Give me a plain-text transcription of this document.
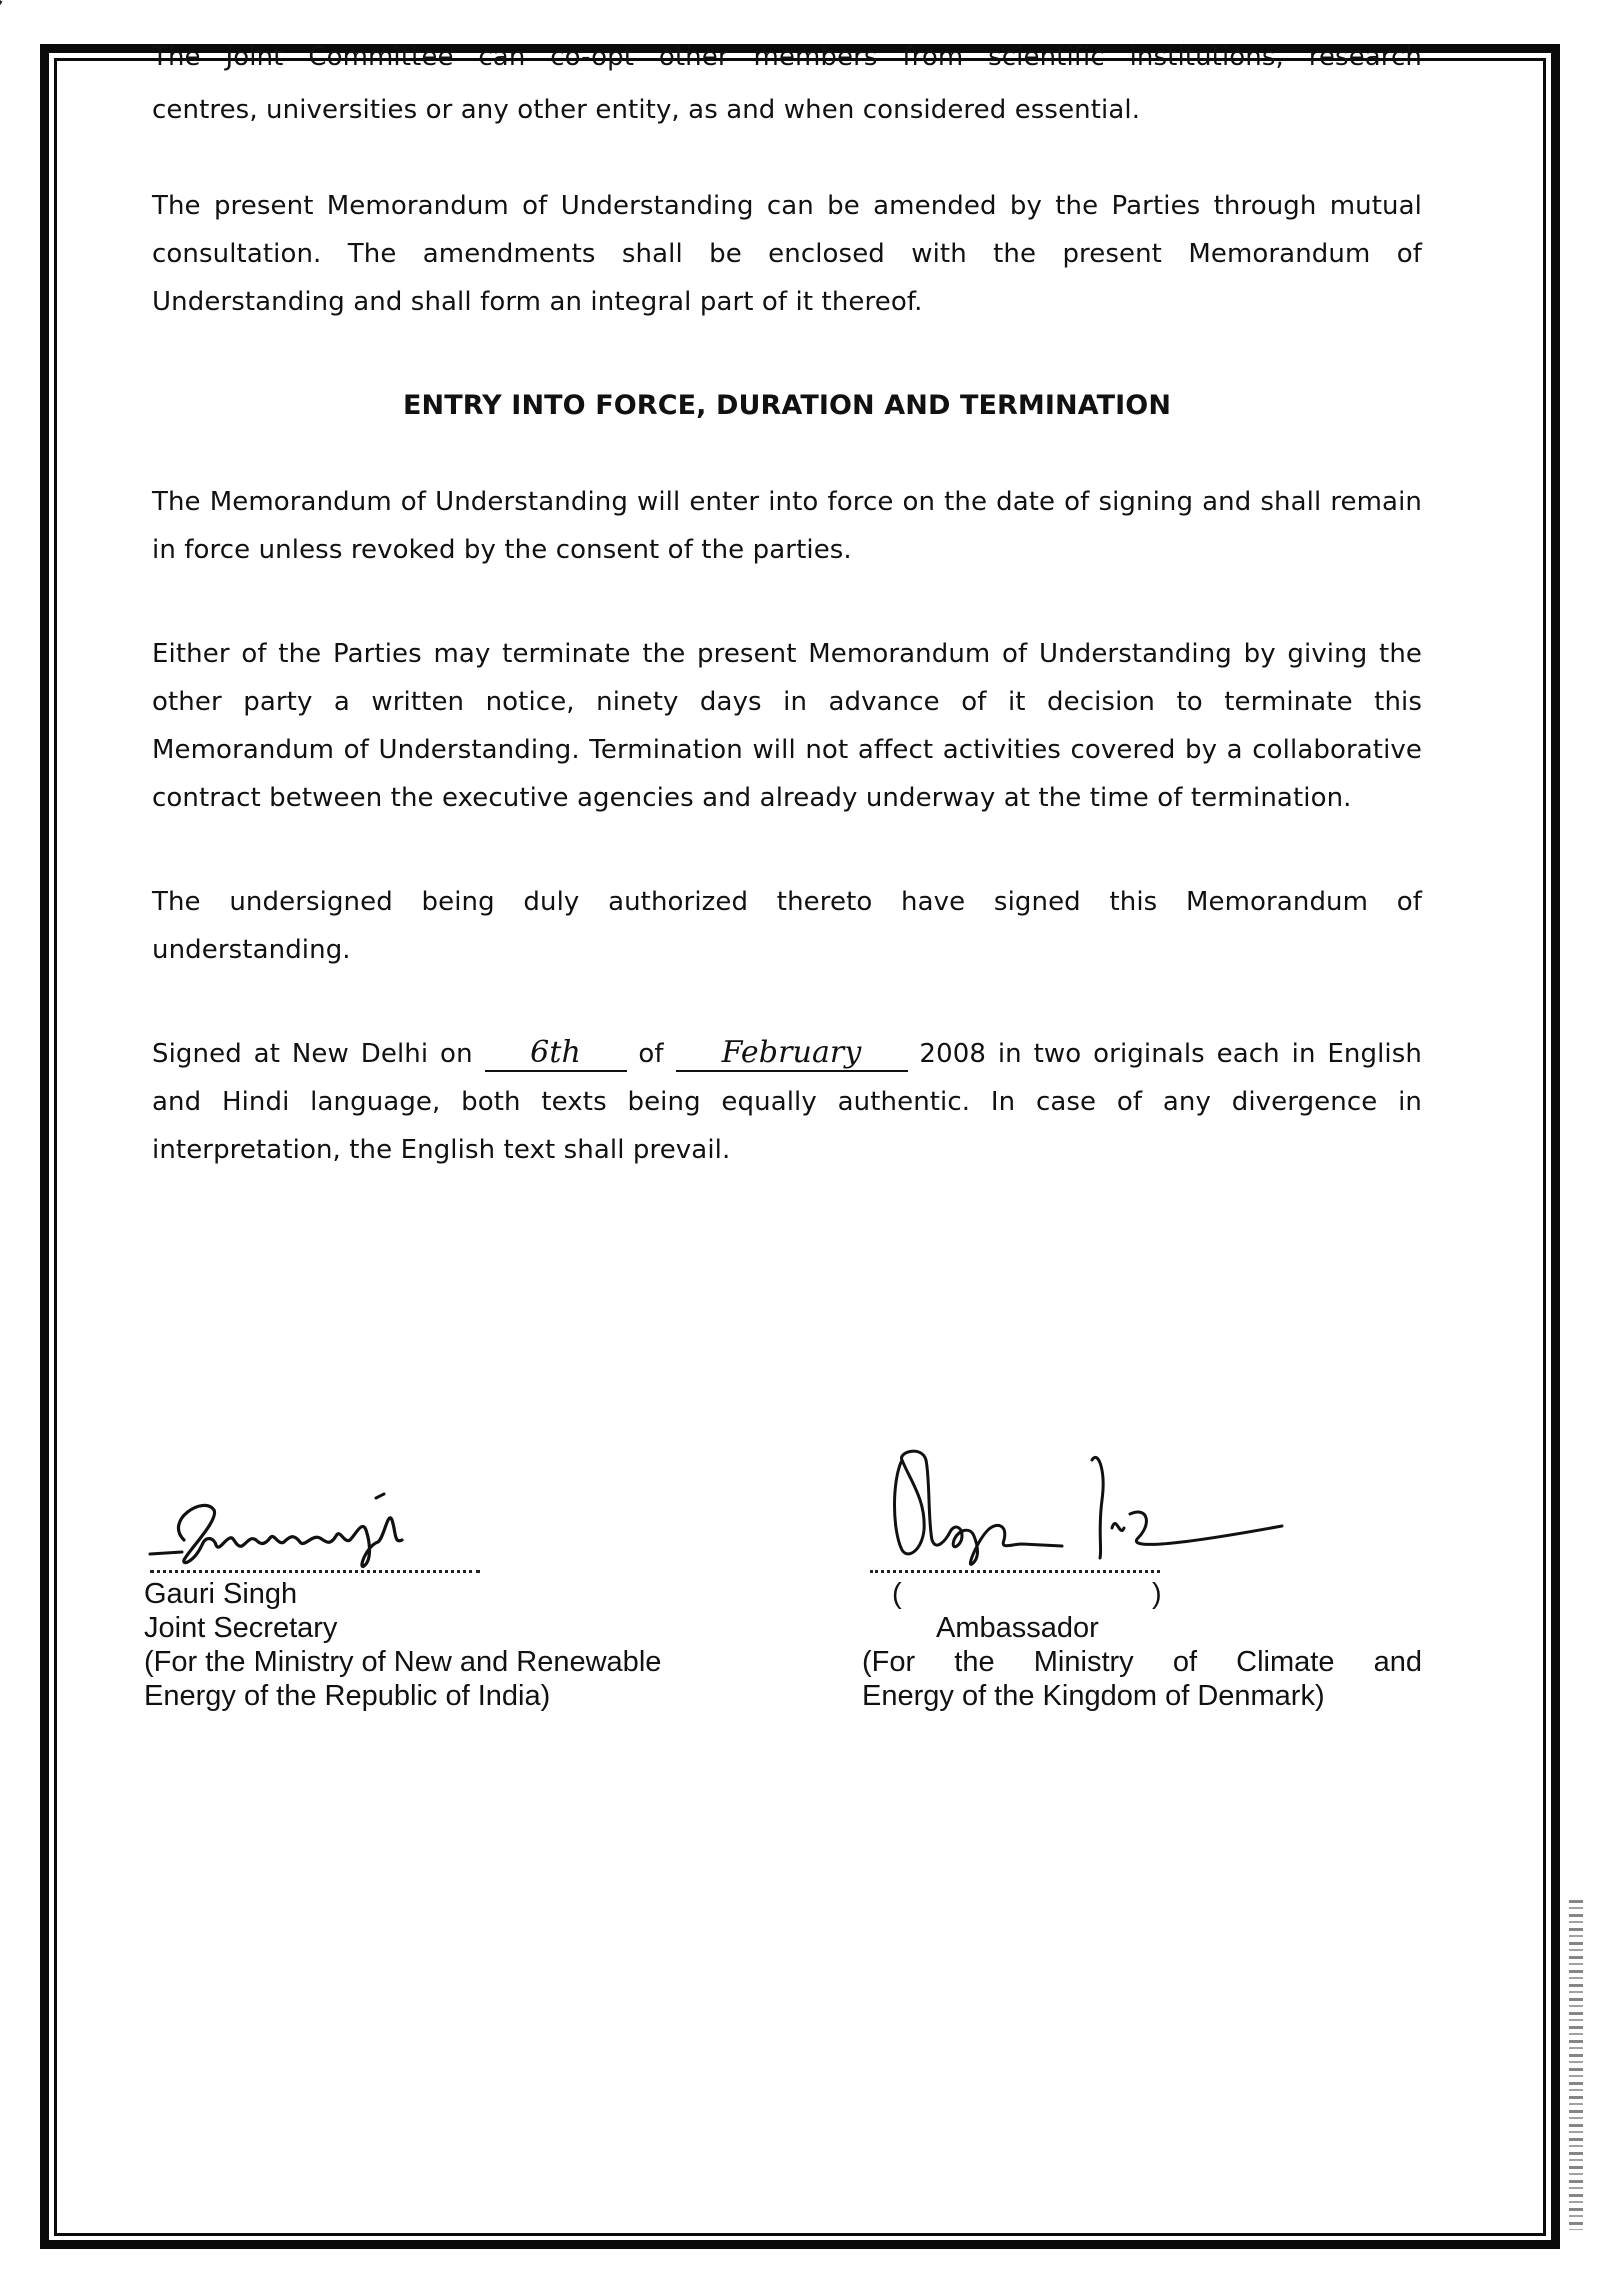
The Joint Committee can co-opt other members from scientific institutions, research

centres, universities or any other entity, as and when considered essential.

The present Memorandum of Understanding can be amended by the Parties through mutual consultation. The amendments shall be enclosed with the present Memorandum of Understanding and shall form an integral part of it thereof.

ENTRY INTO FORCE, DURATION AND TERMINATION

The Memorandum of Understanding will enter into force on the date of signing and shall remain in force unless revoked by the consent of the parties.

Either of the Parties may terminate the present Memorandum of Understanding by giving the other party a written notice, ninety days in advance of it decision to terminate this Memorandum of Understanding. Termination will not affect activities covered by a collaborative contract between the executive agencies and already underway at the time of termination.

The undersigned being duly authorized thereto have signed this Memorandum of understanding.

Signed at New Delhi on 6th of February 2008 in two originals each in English and Hindi language, both texts being equally authentic. In case of any divergence in interpretation, the English text shall prevail.

Gauri Singh
Joint Secretary
(For the Ministry of New and Renewable
Energy of the Republic of India)
(	)
Ambassador
(For the Ministry of Climate and
Energy of the Kingdom of Denmark)
